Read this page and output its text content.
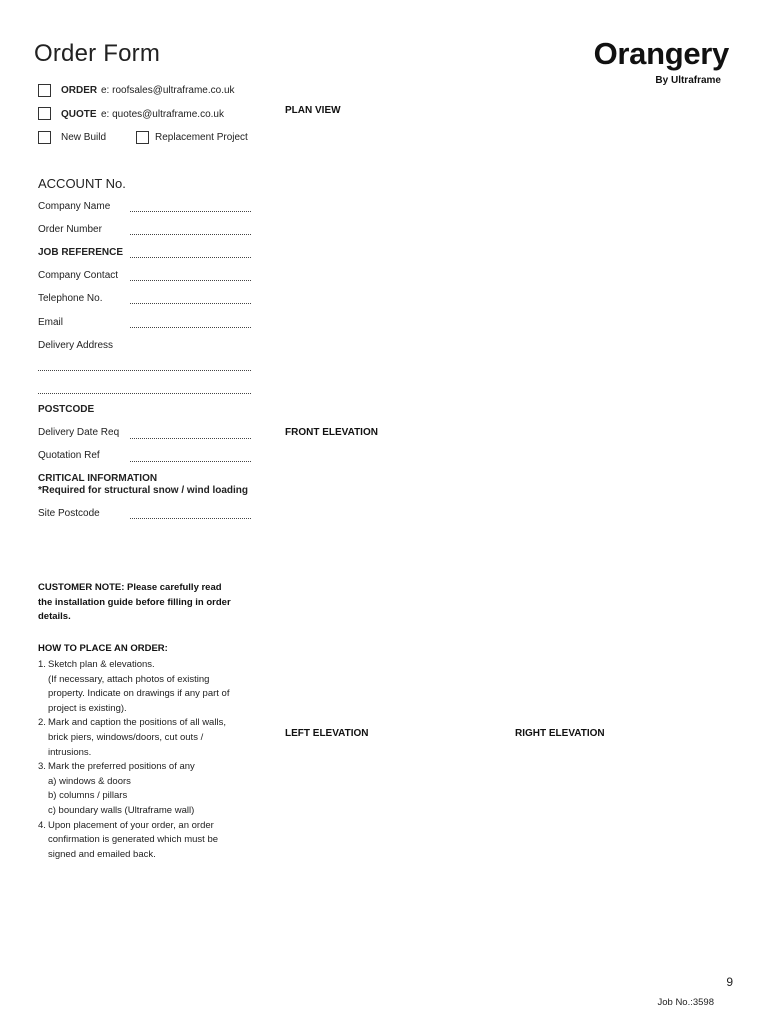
Order Form	Orangery
By Ultraframe
ORDER e: roofsales@ultraframe.co.uk
QUOTE e: quotes@ultraframe.co.uk
New Build	Replacement Project
ACCOUNT No.
Company Name
Order Number
JOB REFERENCE
Company Contact
Telephone No.
Email
Delivery Address
POSTCODE
Delivery Date Req
Quotation Ref
CRITICAL INFORMATION
*Required for structural snow / wind loading
Site Postcode
CUSTOMER NOTE: Please carefully read
the installation guide before filling in order
details.
HOW TO PLACE AN ORDER:
1. Sketch plan & elevations.
(If necessary, attach photos of existing
property. Indicate on drawings if any part of
project is existing).
2. Mark and caption the positions of all walls,
brick piers, windows/doors, cut outs /
intrusions.
3. Mark the preferred positions of any
a) windows & doors
b) columns / pillars
c) boundary walls (Ultraframe wall)
4. Upon placement of your order, an order
confirmation is generated which must be
signed and emailed back.
PLAN VIEW
FRONT ELEVATION
LEFT ELEVATION	RIGHT ELEVATION
9
Job No.:3598
